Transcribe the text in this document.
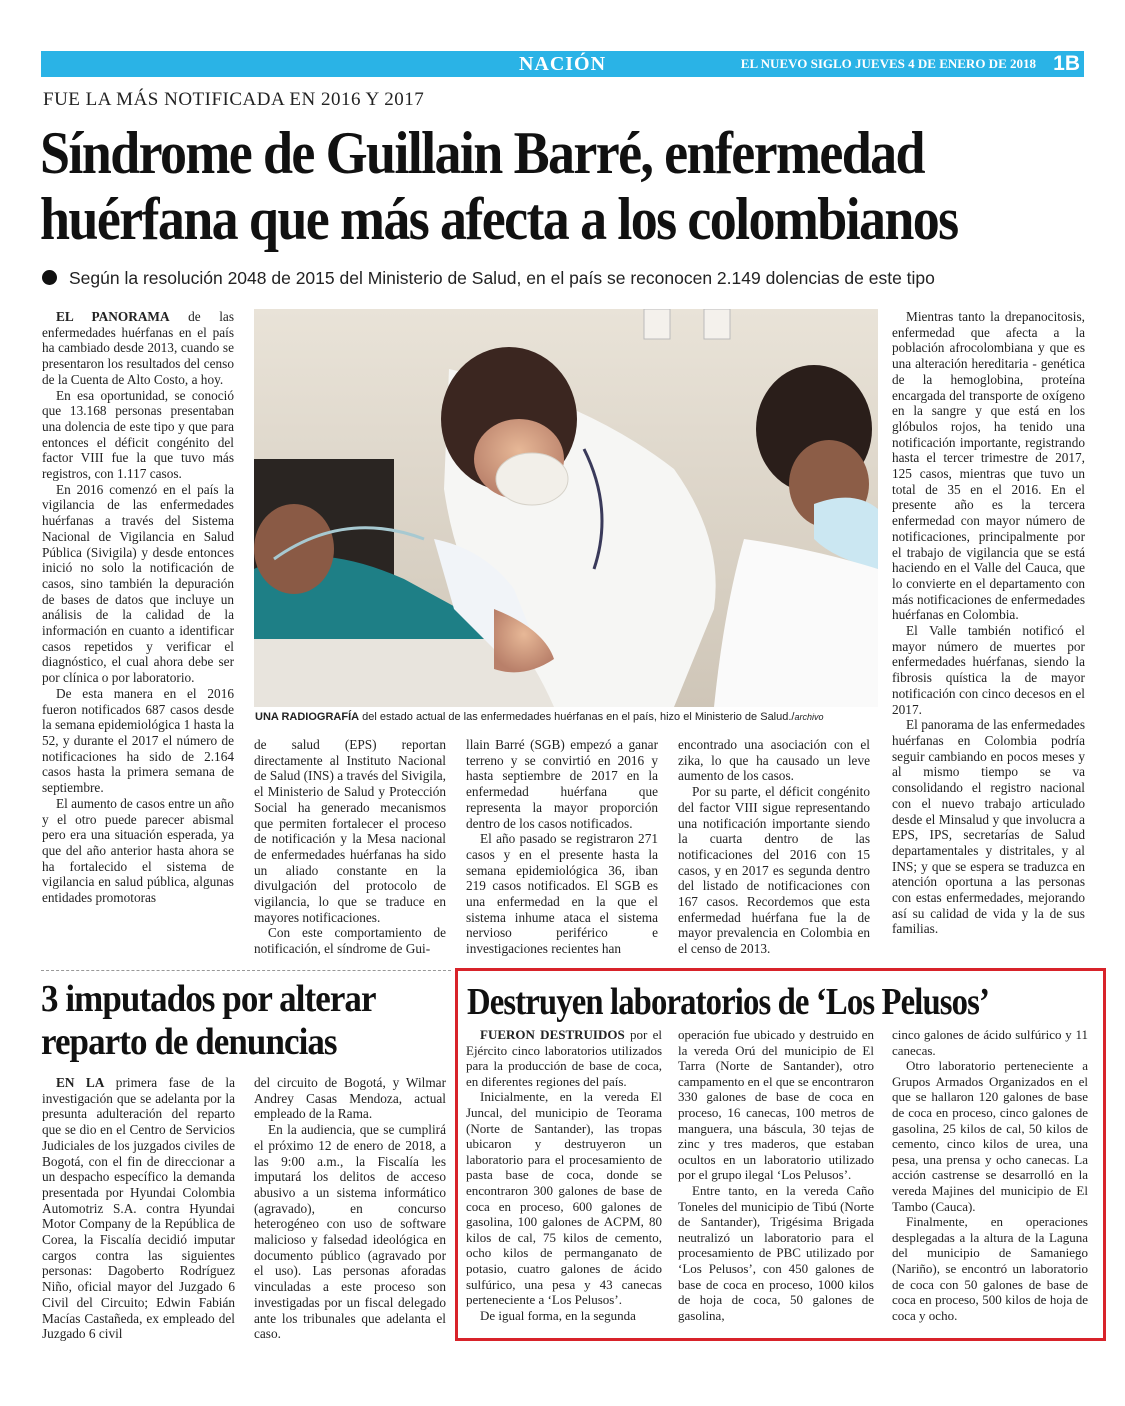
NACIÓN	EL NUEVO SIGLO JUEVES 4 DE ENERO DE 2018 1B
FUE LA MÁS NOTIFICADA EN 2016 Y 2017
Síndrome de Guillain Barré, enfermedad
huérfana que más afecta a los colombianos
Según la resolución 2048 de 2015 del Ministerio de Salud, en el país se reconocen 2.149 dolencias de este tipo

EL PANORAMA de las enfermedades huérfanas en el país ha cambiado desde 2013, cuando se presentaron los resultados del censo de la Cuenta de Alto Costo, a hoy.

En esa oportunidad, se conoció que 13.168 personas presentaban una dolencia de este tipo y que para entonces el déficit congénito del factor VIII fue la que tuvo más registros, con 1.117 casos.

En 2016 comenzó en el país la vigilancia de las enfermedades huérfanas a través del Sistema Nacional de Vigilancia en Salud Pública (Sivigila) y desde entonces inició no solo la notificación de casos, sino también la depuración de bases de datos que incluye un análisis de la calidad de la información en cuanto a identificar casos repetidos y verificar el diagnóstico, el cual ahora debe ser por clínica o por laboratorio.

De esta manera en el 2016 fueron notificados 687 casos desde la semana epidemiológica 1 hasta la 52, y durante el 2017 el número de notificaciones ha sido de 2.164 casos hasta la primera semana de septiembre.

El aumento de casos entre un año y el otro puede parecer abismal pero era una situación esperada, ya que del año anterior hasta ahora se ha fortalecido el sistema de vigilancia en salud pública, algunas entidades promotoras

UNA RADIOGRAFÍA del estado actual de las enfermedades huérfanas en el país, hizo el Ministerio de Salud./archivo

de salud (EPS) reportan directamente al Instituto Nacional de Salud (INS) a través del Sivigila, el Ministerio de Salud y Protección Social ha generado mecanismos que permiten fortalecer el proceso de notificación y la Mesa nacional de enfermedades huérfanas ha sido un aliado constante en la divulgación del protocolo de vigilancia, lo que se traduce en mayores notificaciones.

Con este comportamiento de notificación, el síndrome de Gui-

llain Barré (SGB) empezó a ganar terreno y se convirtió en 2016 y hasta septiembre de 2017 en la enfermedad huérfana que representa la mayor proporción dentro de los casos notificados.

El año pasado se registraron 271 casos y en el presente hasta la semana epidemiológica 36, iban 219 casos notificados. El SGB es una enfermedad en la que el sistema inhume ataca el sistema nervioso periférico e investigaciones recientes han

encontrado una asociación con el zika, lo que ha causado un leve aumento de los casos.

Por su parte, el déficit congénito del factor VIII sigue representando una notificación importante siendo la cuarta dentro de las notificaciones del 2016 con 15 casos, y en 2017 es segunda dentro del listado de notificaciones con 167 casos. Recordemos que esta enfermedad huérfana fue la de mayor prevalencia en Colombia en el censo de 2013.

Mientras tanto la drepanocitosis, enfermedad que afecta a la población afrocolombiana y que es una alteración hereditaria - genética de la hemoglobina, proteína encargada del transporte de oxígeno en la sangre y que está en los glóbulos rojos, ha tenido una notificación importante, registrando hasta el tercer trimestre de 2017, 125 casos, mientras que tuvo un total de 35 en el 2016. En el presente año es la tercera enfermedad con mayor número de notificaciones, principalmente por el trabajo de vigilancia que se está haciendo en el Valle del Cauca, que lo convierte en el departamento con más notificaciones de enfermedades huérfanas en Colombia.

El Valle también notificó el mayor número de muertes por enfermedades huérfanas, siendo la fibrosis quística la de mayor notificación con cinco decesos en el 2017.

El panorama de las enfermedades huérfanas en Colombia podría seguir cambiando en pocos meses y al mismo tiempo se va consolidando el registro nacional con el nuevo trabajo articulado desde el Minsalud y que involucra a EPS, IPS, secretarías de Salud departamentales y distritales, y al INS; y que se espera se traduzca en atención oportuna a las personas con estas enfermedades, mejorando así su calidad de vida y la de sus familias.

3 imputados por alterar
reparto de denuncias

EN LA primera fase de la investigación que se adelanta por la presunta adulteración del reparto que se dio en el Centro de Servicios Judiciales de los juzgados civiles de Bogotá, con el fin de direccionar a un despacho específico la demanda presentada por Hyundai Colombia Automotriz S.A. contra Hyundai Motor Company de la República de Corea, la Fiscalía decidió imputar cargos contra las siguientes personas: Dagoberto Rodríguez Niño, oficial mayor del Juzgado 6 Civil del Circuito; Edwin Fabián Macías Castañeda, ex empleado del Juzgado 6 civil

del circuito de Bogotá, y Wilmar Andrey Casas Mendoza, actual empleado de la Rama.

En la audiencia, que se cumplirá el próximo 12 de enero de 2018, a las 9:00 a.m., la Fiscalía les imputará los delitos de acceso abusivo a un sistema informático (agravado), en concurso heterogéneo con uso de software malicioso y falsedad ideológica en documento público (agravado por el uso). Las personas aforadas vinculadas a este proceso son investigadas por un fiscal delegado ante los tribunales que adelanta el caso.

Destruyen laboratorios de ‘Los Pelusos’

FUERON DESTRUIDOS por el Ejército cinco laboratorios utilizados para la producción de base de coca, en diferentes regiones del país.

Inicialmente, en la vereda El Juncal, del municipio de Teorama (Norte de Santander), las tropas ubicaron y destruyeron un laboratorio para el procesamiento de pasta base de coca, donde se encontraron 300 galones de base de coca en proceso, 600 galones de gasolina, 100 galones de ACPM, 80 kilos de cal, 75 kilos de cemento, ocho kilos de permanganato de potasio, cuatro galones de ácido sulfúrico, una pesa y 43 canecas perteneciente a ‘Los Pelusos’.

De igual forma, en la segunda

operación fue ubicado y destruido en la vereda Orú del municipio de El Tarra (Norte de Santander), otro campamento en el que se encontraron 330 galones de base de coca en proceso, 16 canecas, 100 metros de manguera, una báscula, 30 tejas de zinc y tres maderos, que estaban ocultos en un laboratorio utilizado por el grupo ilegal ‘Los Pelusos’.

Entre tanto, en la vereda Caño Toneles del municipio de Tibú (Norte de Santander), Trigésima Brigada neutralizó un laboratorio para el procesamiento de PBC utilizado por ‘Los Pelusos’, con 450 galones de base de coca en proceso, 1000 kilos de hoja de coca, 50 galones de gasolina,

cinco galones de ácido sulfúrico y 11 canecas.

Otro laboratorio perteneciente a Grupos Armados Organizados en el que se hallaron 120 galones de base de coca en proceso, cinco galones de gasolina, 25 kilos de cal, 50 kilos de cemento, cinco kilos de urea, una pesa, una prensa y ocho canecas. La acción castrense se desarrolló en la vereda Majines del municipio de El Tambo (Cauca).

Finalmente, en operaciones desplegadas a la altura de la Laguna del municipio de Samaniego (Nariño), se encontró un laboratorio de coca con 50 galones de base de coca en proceso, 500 kilos de hoja de coca y ocho.
